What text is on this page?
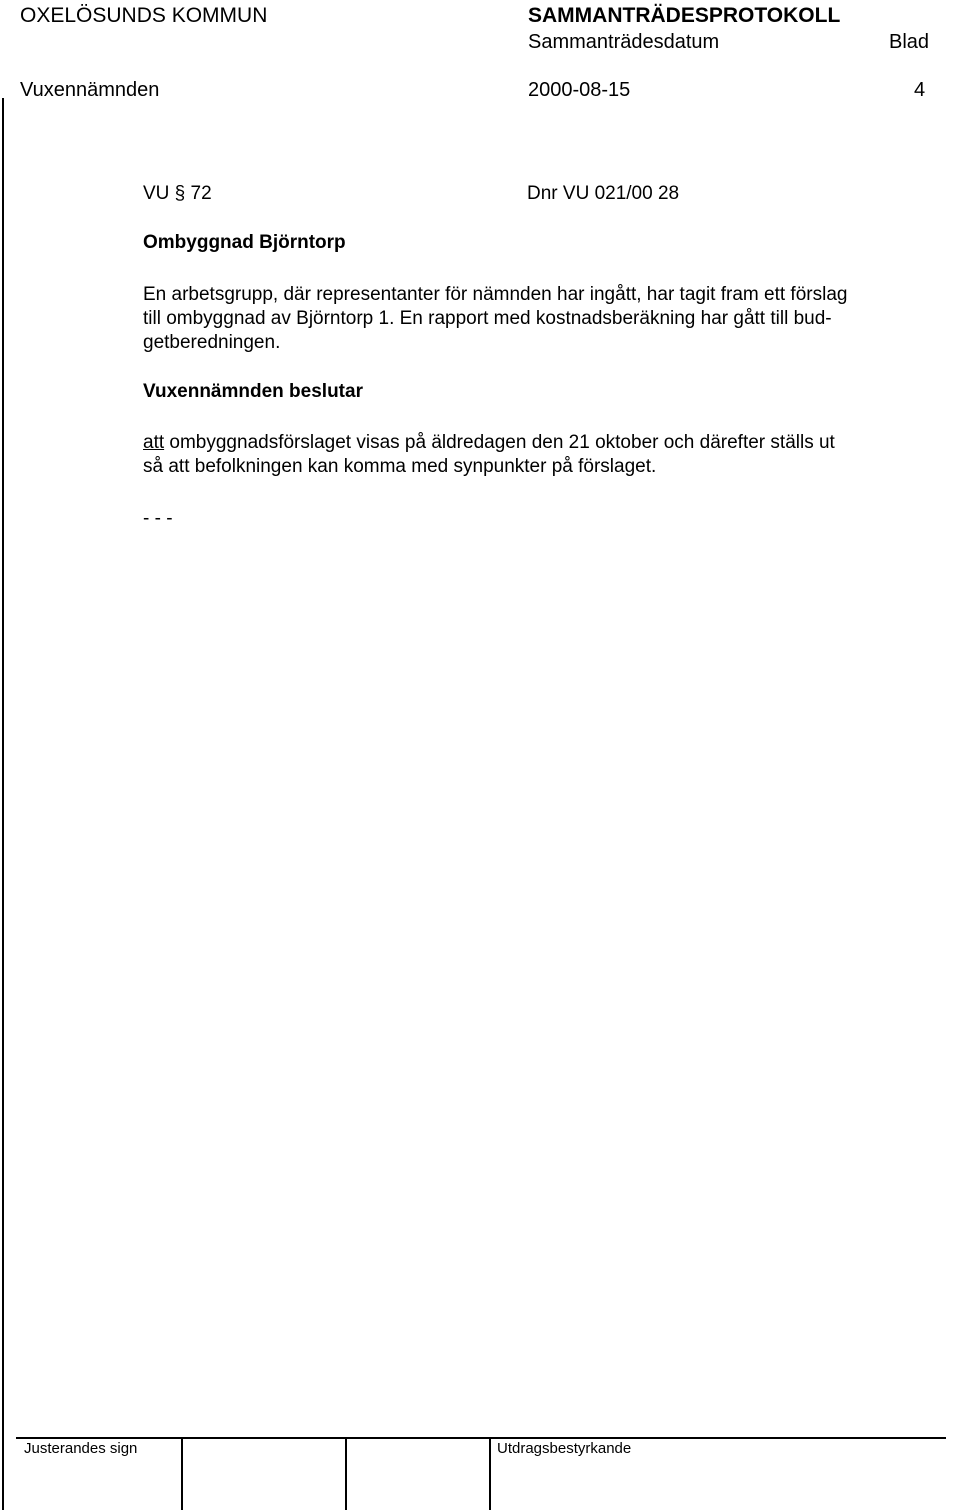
OXELÖSUNDS KOMMUN	SAMMANTRÄDESPROTOKOLL
Sammanträdesdatum	Blad
Vuxennämnden	2000-08-15	4
VU § 72	Dnr VU 021/00 28
Ombyggnad Björntorp
En arbetsgrupp, där representanter för nämnden har ingått, har tagit fram ett förslag
till ombyggnad av Björntorp 1. En rapport med kostnadsberäkning har gått till bud-
getberedningen.
Vuxennämnden beslutar
att ombyggnadsförslaget visas på äldredagen den 21 oktober och därefter ställs ut
så att befolkningen kan komma med synpunkter på förslaget.
- - -
Justerandes sign	Utdragsbestyrkande
